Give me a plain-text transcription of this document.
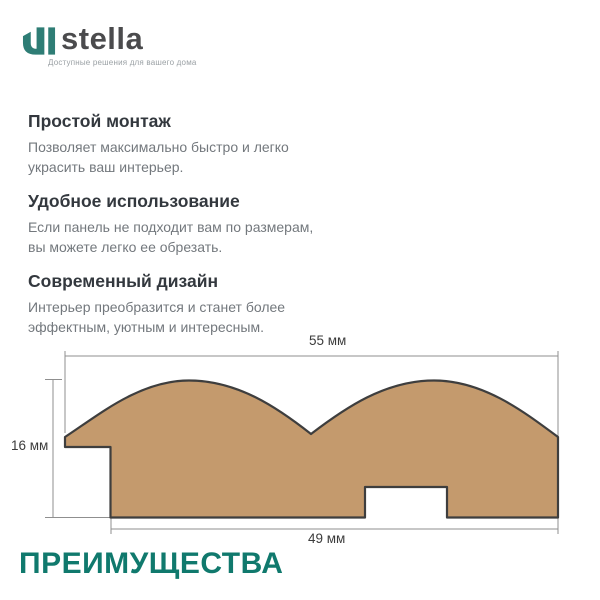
stella
Доступные решения для вашего дома
Простой монтаж

Позволяет максимально быстро и легко

украсить ваш интерьер.

Удобное использование

Если панель не подходит вам по размерам,

вы можете легко ее обрезать.

Современный дизайн

Интерьер преобразится и станет более

эффектным, уютным и интересным.

55 мм
16 мм
49 мм
ПРЕИМУЩЕСТВА
